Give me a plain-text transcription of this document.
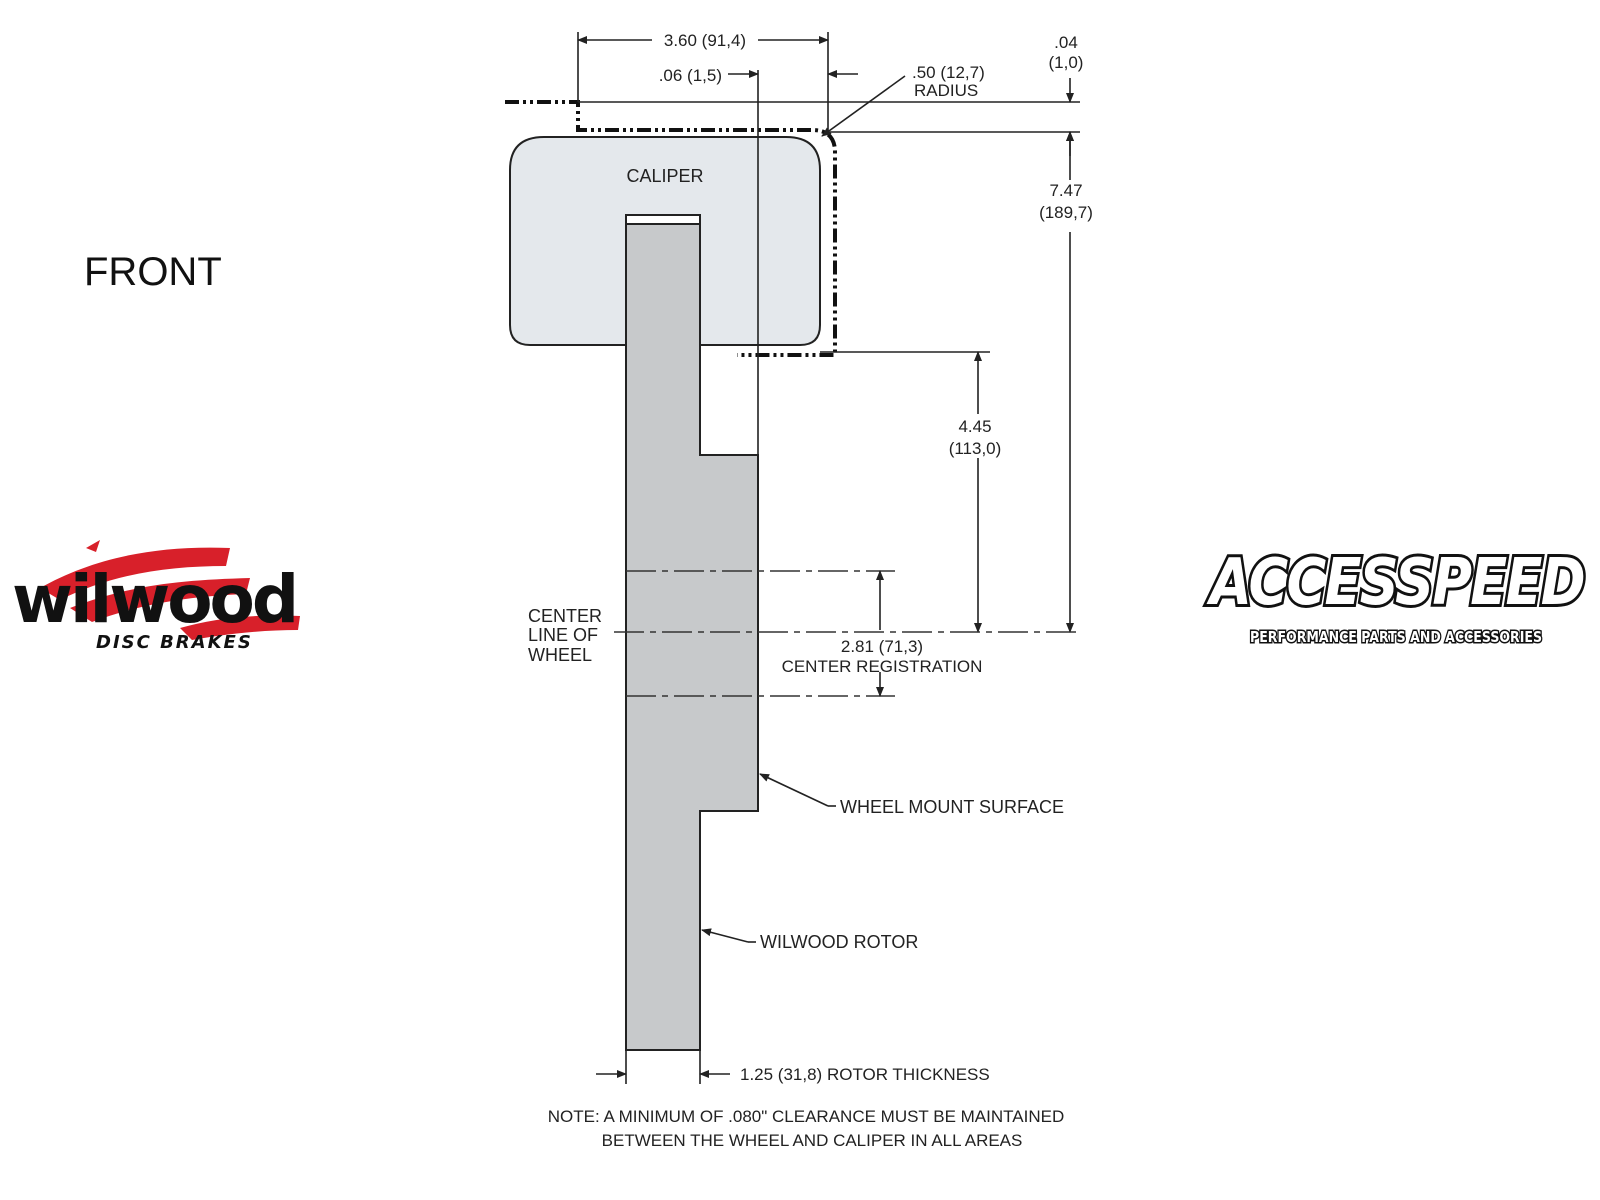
FRONT
wilwood
DISC BRAKES
ACCESSPEED
PERFORMANCE PARTS AND ACCESSORIES
CALIPER
3.60 (91,4)
.06 (1,5)	.50 (12,7)
RADIUS
.04
(1,0)
7.47
(189,7)
4.45
(113,0)
CENTER
LINE OF
WHEEL	2.81 (71,3)
CENTER REGISTRATION
WHEEL MOUNT SURFACE
WILWOOD ROTOR
1.25 (31,8) ROTOR THICKNESS
NOTE: A MINIMUM OF .080" CLEARANCE MUST BE MAINTAINED
BETWEEN THE WHEEL AND CALIPER IN ALL AREAS
